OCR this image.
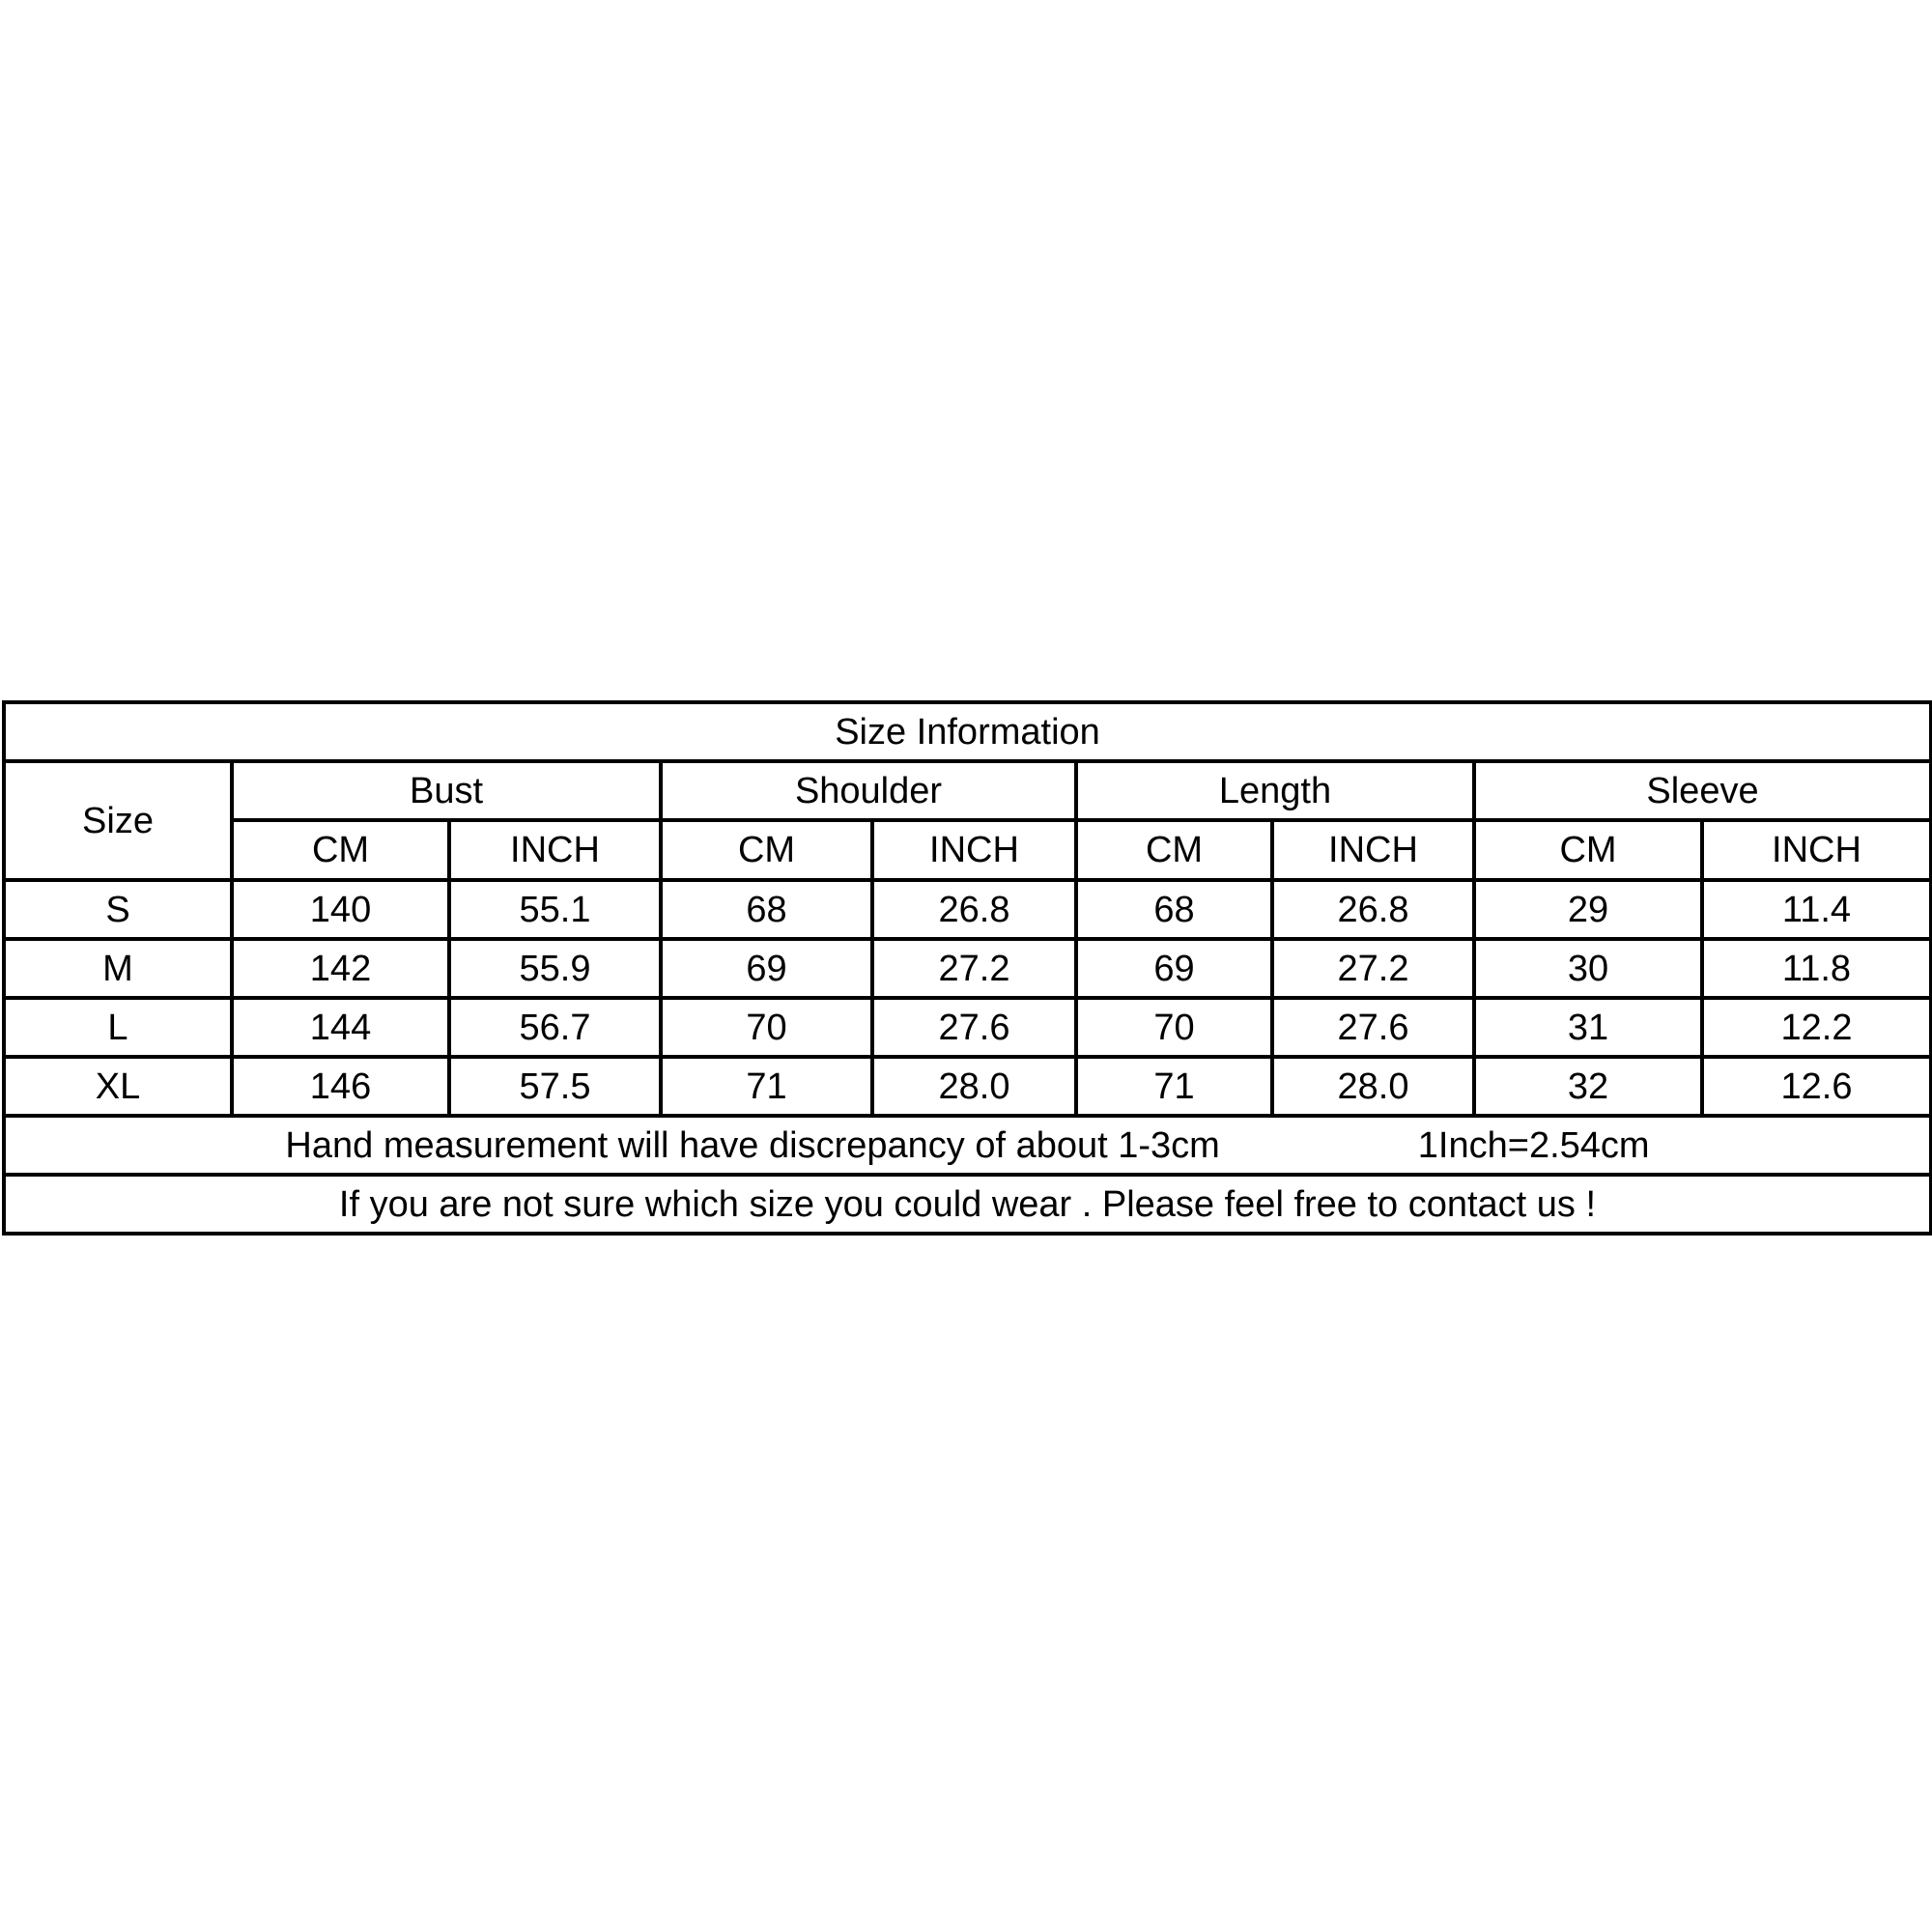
Size Information								
Size	Bust		Shoulder		Length		Sleeve	
	CM	INCH	CM	INCH	CM	INCH	CM	INCH
S	140	55.1	68	26.8	68	26.8	29	11.4
M	142	55.9	69	27.2	69	27.2	30	11.8
L	144	56.7	70	27.6	70	27.6	31	12.2
XL	146	57.5	71	28.0	71	28.0	32	12.6
Hand measurement will have discrepancy of about 1-3cm 1Inch=2.54cm								
If you are not sure which size you could wear . Please feel free to contact us !								
